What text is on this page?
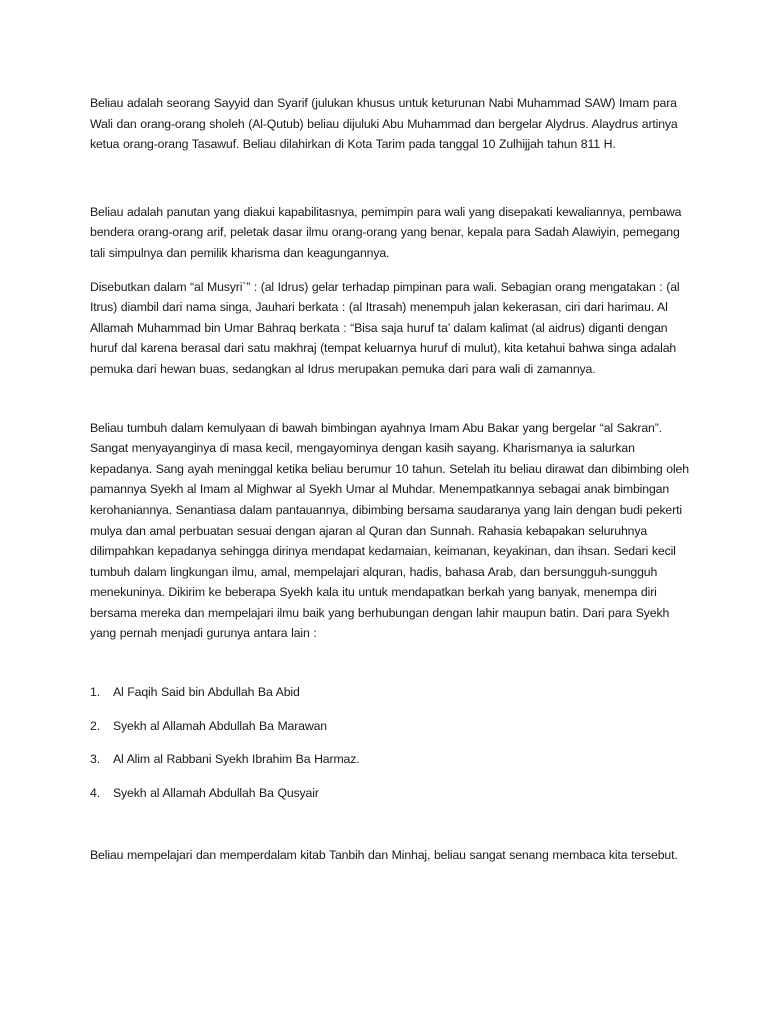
Beliau adalah seorang Sayyid dan Syarif (julukan khusus untuk keturunan Nabi Muhammad SAW) Imam para Wali dan orang-orang sholeh (Al-Qutub) beliau dijuluki Abu Muhammad dan bergelar Alydrus. Alaydrus artinya ketua orang-orang Tasawuf. Beliau dilahirkan di Kota Tarim pada tanggal 10 Zulhijjah tahun 811 H.

Beliau adalah panutan yang diakui kapabilitasnya, pemimpin para wali yang disepakati kewaliannya, pembawa bendera orang-orang arif, peletak dasar ilmu orang-orang yang benar, kepala para Sadah Alawiyin, pemegang tali simpulnya dan pemilik kharisma dan keagungannya.

Disebutkan dalam “al Musyri`” : (al Idrus) gelar terhadap pimpinan para wali. Sebagian orang mengatakan : (al Itrus) diambil dari nama singa, Jauhari berkata : (al Itrasah) menempuh jalan kekerasan, ciri dari harimau. Al Allamah Muhammad bin Umar Bahraq berkata : “Bisa saja huruf ta’ dalam kalimat (al aidrus) diganti dengan huruf dal karena berasal dari satu makhraj (tempat keluarnya huruf di mulut), kita ketahui bahwa singa adalah pemuka dari hewan buas, sedangkan al Idrus merupakan pemuka dari para wali di zamannya.

Beliau tumbuh dalam kemulyaan di bawah bimbingan ayahnya Imam Abu Bakar yang bergelar “al Sakran”. Sangat menyayanginya di masa kecil, mengayominya dengan kasih sayang. Kharismanya ia salurkan kepadanya. Sang ayah meninggal ketika beliau berumur 10 tahun. Setelah itu beliau dirawat dan dibimbing oleh pamannya Syekh al Imam al Mighwar al Syekh Umar al Muhdar. Menempatkannya sebagai anak bimbingan kerohaniannya. Senantiasa dalam pantauannya, dibimbing bersama saudaranya yang lain dengan budi pekerti mulya dan amal perbuatan sesuai dengan ajaran al Quran dan Sunnah. Rahasia kebapakan seluruhnya dilimpahkan kepadanya sehingga dirinya mendapat kedamaian, keimanan, keyakinan, dan ihsan. Sedari kecil tumbuh dalam lingkungan ilmu, amal, mempelajari alquran, hadis, bahasa Arab, dan bersungguh-sungguh menekuninya. Dikirim ke beberapa Syekh kala itu untuk mendapatkan berkah yang banyak, menempa diri bersama mereka dan mempelajari ilmu baik yang berhubungan dengan lahir maupun batin. Dari para Syekh yang pernah menjadi gurunya antara lain :

1.	Al Faqih Said bin Abdullah Ba Abid
2.	Syekh al Allamah Abdullah Ba Marawan
3.	Al Alim al Rabbani Syekh Ibrahim Ba Harmaz.
4.	Syekh al Allamah Abdullah Ba Qusyair

Beliau mempelajari dan memperdalam kitab Tanbih dan Minhaj, beliau sangat senang membaca kita tersebut.
